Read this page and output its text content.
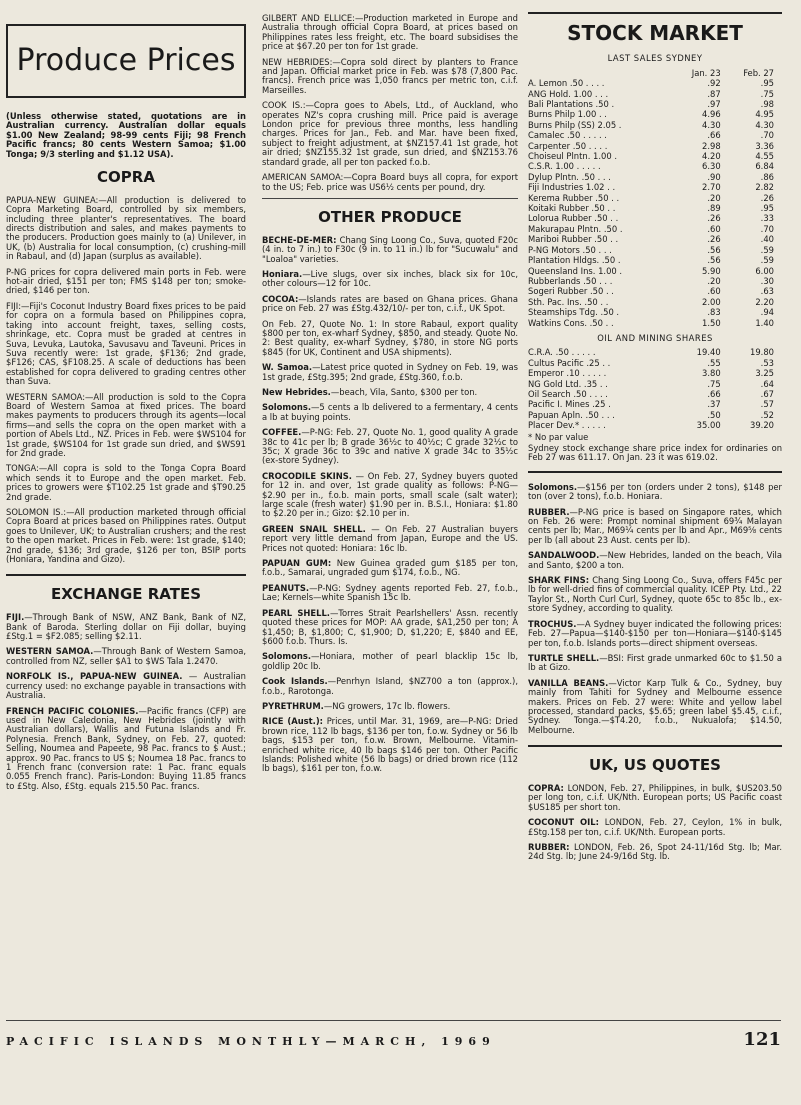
Produce Prices

(Unless otherwise stated, quotations are in Australian currency. Australian dollar equals $1.00 New Zealand; 98-99 cents Fiji; 98 French Pacific francs; 80 cents Western Samoa; $1.00 Tonga; 9/3 sterling and $1.12 USA).

COPRA

PAPUA-NEW GUINEA:—All production is delivered to Copra Marketing Board, controlled by six members, including three planter's representatives. The board directs distribution and sales, and makes payments to the producers. Production goes mainly to (a) Unilever, in UK, (b) Australia for local consumption, (c) crushing-mill in Rabaul, and (d) Japan (surplus as available).

P-NG prices for copra delivered main ports in Feb. were hot-air dried, $151 per ton; FMS $148 per ton; smoke-dried, $146 per ton.

FIJI:—Fiji's Coconut Industry Board fixes prices to be paid for copra on a formula based on Philippines copra, taking into account freight, taxes, selling costs, shrinkage, etc. Copra must be graded at centres in Suva, Levuka, Lautoka, Savusavu and Taveuni. Prices in Suva recently were: 1st grade, $F136; 2nd grade, $F126; CAS, $F108.25. A scale of deductions has been established for copra delivered to grading centres other than Suva.

WESTERN SAMOA:—All production is sold to the Copra Board of Western Samoa at fixed prices. The board makes payments to producers through its agents—local firms—and sells the copra on the open market with a portion of Abels Ltd., NZ. Prices in Feb. were $WS104 for 1st grade, $WS104 for 1st grade sun dried, and $WS91 for 2nd grade.

TONGA:—All copra is sold to the Tonga Copra Board which sends it to Europe and the open market. Feb. prices to growers were $T102.25 1st grade and $T90.25 2nd grade.

SOLOMON IS.:—All production marketed through official Copra Board at prices based on Philippines rates. Output goes to Unilever, UK; to Australian crushers; and the rest to the open market. Prices in Feb. were: 1st grade, $140; 2nd grade, $136; 3rd grade, $126 per ton, BSIP ports (Honiara, Yandina and Gizo).

EXCHANGE RATES

FIJI.—Through Bank of NSW, ANZ Bank, Bank of NZ, Bank of Baroda. Sterling dollar on Fiji dollar, buying £Stg.1 = $F2.085; selling $2.11.

WESTERN SAMOA.—Through Bank of Western Samoa, controlled from NZ, seller $A1 to $WS Tala 1.2470.

NORFOLK IS., PAPUA-NEW GUINEA. — Australian currency used: no exchange payable in transactions with Australia.

FRENCH PACIFIC COLONIES.—Pacific francs (CFP) are used in New Caledonia, New Hebrides (jointly with Australian dollars), Wallis and Futuna Islands and Fr. Polynesia. French Bank, Sydney, on Feb. 27, quoted: Selling, Noumea and Papeete, 98 Pac. francs to $ Aust.; approx. 90 Pac. francs to US $; Noumea 18 Pac. francs to 1 French franc (conversion rate: 1 Pac. franc equals 0.055 French franc). Paris-London: Buying 11.85 francs to £Stg. Also, £Stg. equals 215.50 Pac. francs.

GILBERT AND ELLICE:—Production marketed in Europe and Australia through official Copra Board, at prices based on Philippines rates less freight, etc. The board subsidises the price at $67.20 per ton for 1st grade.

NEW HEBRIDES:—Copra sold direct by planters to France and Japan. Official market price in Feb. was $78 (7,800 Pac. francs). French price was 1,050 francs per metric ton, c.i.f. Marseilles.

COOK IS.:—Copra goes to Abels, Ltd., of Auckland, who operates NZ's copra crushing mill. Price paid is average London price for previous three months, less handling charges. Prices for Jan., Feb. and Mar. have been fixed, subject to freight adjustment, at $NZ157.41 1st grade, hot air dried; $NZ155.32 1st grade, sun dried, and $NZ153.76 standard grade, all per ton packed f.o.b.

AMERICAN SAMOA:—Copra Board buys all copra, for export to the US; Feb. price was US6½ cents per pound, dry.

OTHER PRODUCE

BECHE-DE-MER: Chang Sing Loong Co., Suva, quoted F20c (4 in. to 7 in.) to F30c (9 in. to 11 in.) lb for "Sucuwalu" and "Loaloa" varieties.

Honiara.—Live slugs, over six inches, black six for 10c, other colours—12 for 10c.

COCOA:—Islands rates are based on Ghana prices. Ghana price on Feb. 27 was £Stg.432/10/- per ton, c.i.f., UK Spot.

On Feb. 27, Quote No. 1: In store Rabaul, export quality $800 per ton, ex-wharf Sydney, $850, and steady. Quote No. 2: Best quality, ex-wharf Sydney, $780, in store NG ports $845 (for UK, Continent and USA shipments).

W. Samoa.—Latest price quoted in Sydney on Feb. 19, was 1st grade, £Stg.395; 2nd grade, £Stg.360, f.o.b.

New Hebrides.—beach, Vila, Santo, $300 per ton.

Solomons.—5 cents a lb delivered to a fermentary, 4 cents a lb at buying points.

COFFEE.—P-NG: Feb. 27, Quote No. 1, good quality A grade 38c to 41c per lb; B grade 36½c to 40½c; C grade 32½c to 35c; X grade 36c to 39c and native X grade 34c to 35½c (ex-store Sydney).

CROCODILE SKINS. — On Feb. 27, Sydney buyers quoted for 12 in. and over, 1st grade quality as follows: P-NG—$2.90 per in., f.o.b. main ports, small scale (salt water); large scale (fresh water) $1.90 per in. B.S.I., Honiara: $1.80 to $2.20 per in.; Gizo: $2.10 per in.

GREEN SNAIL SHELL. — On Feb. 27 Australian buyers report very little demand from Japan, Europe and the US. Prices not quoted: Honiara: 16c lb.

PAPUAN GUM: New Guinea graded gum $185 per ton, f.o.b., Samarai, ungraded gum $174, f.o.b., NG.

PEANUTS.—P-NG: Sydney agents reported Feb. 27, f.o.b., Lae; Kernels—white Spanish 15c lb.

PEARL SHELL.—Torres Strait Pearlshellers' Assn. recently quoted these prices for MOP: AA grade, $A1,250 per ton; A $1,450; B, $1,800; C, $1,900; D, $1,220; E, $840 and EE, $600 f.o.b. Thurs. Is.

Solomons.—Honiara, mother of pearl blacklip 15c lb, goldlip 20c lb.

Cook Islands.—Penrhyn Island, $NZ700 a ton (approx.), f.o.b., Rarotonga.

PYRETHRUM.—NG growers, 17c lb. flowers.

RICE (Aust.): Prices, until Mar. 31, 1969, are—P-NG: Dried brown rice, 112 lb bags, $136 per ton, f.o.w. Sydney or 56 lb bags, $153 per ton, f.o.w. Brown, Melbourne. Vitamin-enriched white rice, 40 lb bags $146 per ton. Other Pacific Islands: Polished white (56 lb bags) or dried brown rice (112 lb bags), $161 per ton, f.o.w.

STOCK MARKET
LAST SALES SYDNEY
	Jan. 23	Feb. 27
A. Lemon .50 . . . .	.92	.95
ANG Hold. 1.00 . . .	.87	.75
Bali Plantations .50 .	.97	.98
Burns Philp 1.00 . .	4.96	4.95
Burns Philp (SS) 2.05 .	4.30	4.30
Camalec .50 . . . . .	.66	.70
Carpenter .50 . . . .	2.98	3.36
Choiseul Plntn. 1.00 .	4.20	4.55
C.S.R. 1.00 . . . . .	6.30	6.84
Dylup Plntn. .50 . . .	.90	.86
Fiji Industries 1.02 . .	2.70	2.82
Kerema Rubber .50 . .	.20	.26
Koitaki Rubber .50 . .	.89	.95
Lolorua Rubber .50 . .	.26	.33
Makurapau Plntn. .50 .	.60	.70
Mariboi Rubber .50 . .	.26	.40
P-NG Motors .50 . . .	.56	.59
Plantation Hldgs. .50 .	.56	.59
Queensland Ins. 1.00 .	5.90	6.00
Rubberlands .50 . . .	.20	.30
Sogeri Rubber .50 . .	.60	.63
Sth. Pac. Ins. .50 . .	2.00	2.20
Steamships Tdg. .50 .	.83	.94
Watkins Cons. .50 . .	1.50	1.40
OIL AND MINING SHARES
C.R.A. .50 . . . . .	19.40	19.80
Cultus Pacific .25 . .	.55	.53
Emperor .10 . . . . .	3.80	3.25
NG Gold Ltd. .35 . .	.75	.64
Oil Search .50 . . . .	.66	.67
Pacific I. Mines .25 .	.37	.57
Papuan Apln. .50 . . .	.50	.52
Placer Dev.* . . . . .	35.00	39.20

* No par value

Sydney stock exchange share price index for ordinaries on Feb 27 was 611.17. On Jan. 23 it was 619.02.

Solomons.—$156 per ton (orders under 2 tons), $148 per ton (over 2 tons), f.o.b. Honiara.

RUBBER.—P-NG price is based on Singapore rates, which on Feb. 26 were: Prompt nominal shipment 69¾ Malayan cents per lb; Mar., M69¼ cents per lb and Apr., M69⅝ cents per lb (all about 23 Aust. cents per lb).

SANDALWOOD.—New Hebrides, landed on the beach, Vila and Santo, $200 a ton.

SHARK FINS: Chang Sing Loong Co., Suva, offers F45c per lb for well-dried fins of commercial quality. ICEP Pty. Ltd., 22 Taylor St., North Curl Curl, Sydney, quote 65c to 85c lb., ex-store Sydney, according to quality.

TROCHUS.—A Sydney buyer indicated the following prices: Feb. 27—Papua—$140-$150 per ton—Honiara—$140-$145 per ton, f.o.b. Islands ports—direct shipment overseas.

TURTLE SHELL.—BSI: First grade unmarked 60c to $1.50 a lb at Gizo.

VANILLA BEANS.—Victor Karp Tulk & Co., Sydney, buy mainly from Tahiti for Sydney and Melbourne essence makers. Prices on Feb. 27 were: White and yellow label processed, standard packs, $5.65; green label $5.45, c.i.f., Sydney. Tonga.—$T4.20, f.o.b., Nukualofa; $14.50, Melbourne.

UK, US QUOTES

COPRA: LONDON, Feb. 27, Philippines, in bulk, $US203.50 per long ton, c.i.f. UK/Nth. European ports; US Pacific coast $US185 per short ton.

COCONUT OIL: LONDON, Feb. 27, Ceylon, 1% in bulk, £Stg.158 per ton, c.i.f. UK/Nth. European ports.

RUBBER: LONDON, Feb. 26, Spot 24-11/16d Stg. lb; Mar. 24d Stg. lb; June 24-9/16d Stg. lb.

PACIFIC ISLANDS MONTHLY—MARCH, 1969	121
